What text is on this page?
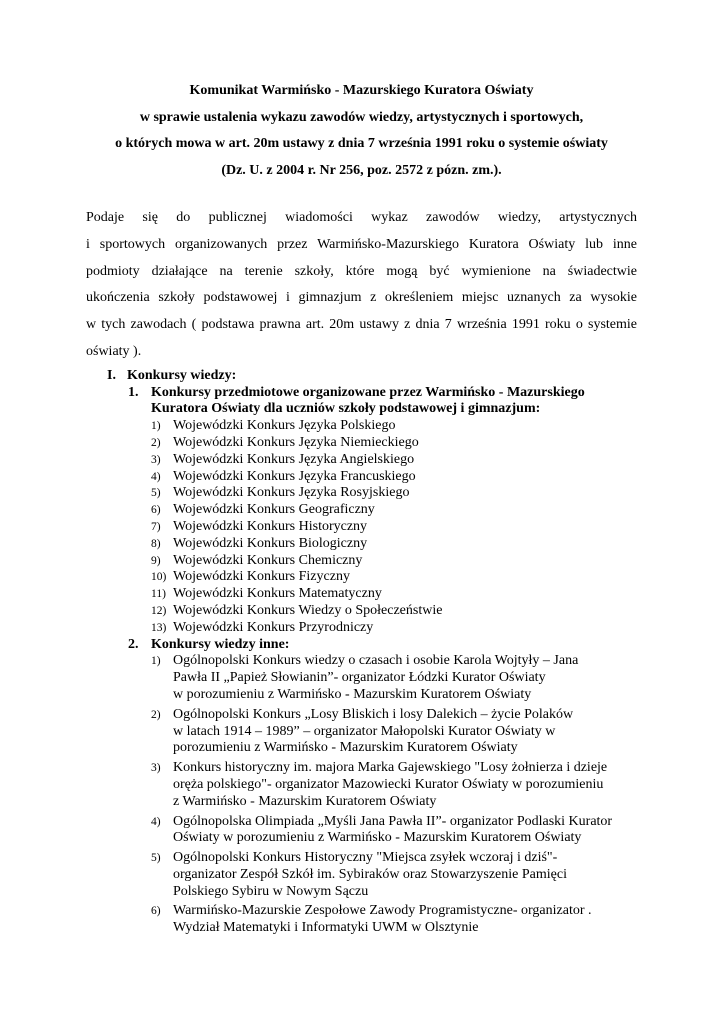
Komunikat Warmińsko - Mazurskiego Kuratora Oświaty
w sprawie ustalenia wykazu zawodów wiedzy, artystycznych i sportowych,
o których mowa w art. 20m ustawy z dnia 7 września 1991 roku o systemie oświaty
(Dz. U. z 2004 r. Nr 256, poz. 2572 z pózn. zm.).
Podaje się do publicznej wiadomości wykaz zawodów wiedzy, artystycznych
i sportowych organizowanych przez Warmińsko-Mazurskiego Kuratora Oświaty lub inne
podmioty działające na terenie szkoły, które mogą być wymienione na świadectwie
ukończenia szkoły podstawowej i gimnazjum z określeniem miejsc uznanych za wysokie
w tych zawodach ( podstawa prawna art. 20m ustawy z dnia 7 września 1991 roku o systemie
oświaty ).
I. Konkursy wiedzy:
1. Konkursy przedmiotowe organizowane przez Warmińsko - Mazurskiego
Kuratora Oświaty dla uczniów szkoły podstawowej i gimnazjum:
1) Wojewódzki Konkurs Języka Polskiego
2) Wojewódzki Konkurs Języka Niemieckiego
3) Wojewódzki Konkurs Języka Angielskiego
4) Wojewódzki Konkurs Języka Francuskiego
5) Wojewódzki Konkurs Języka Rosyjskiego
6) Wojewódzki Konkurs Geograficzny
7) Wojewódzki Konkurs Historyczny
8) Wojewódzki Konkurs Biologiczny
9) Wojewódzki Konkurs Chemiczny
10) Wojewódzki Konkurs Fizyczny
11) Wojewódzki Konkurs Matematyczny
12) Wojewódzki Konkurs Wiedzy o Społeczeństwie
13) Wojewódzki Konkurs Przyrodniczy
2. Konkursy wiedzy inne:
1) Ogólnopolski Konkurs wiedzy o czasach i osobie Karola Wojtyły – Jana
Pawła II „Papież Słowianin”- organizator Łódzki Kurator Oświaty
w porozumieniu z Warmińsko - Mazurskim Kuratorem Oświaty
2) Ogólnopolski Konkurs „Losy Bliskich i losy Dalekich – życie Polaków
w latach 1914 – 1989” – organizator Małopolski Kurator Oświaty w
porozumieniu z Warmińsko - Mazurskim Kuratorem Oświaty
3) Konkurs historyczny im. majora Marka Gajewskiego "Losy żołnierza i dzieje
oręża polskiego"- organizator Mazowiecki Kurator Oświaty w porozumieniu
z Warmińsko - Mazurskim Kuratorem Oświaty
4) Ogólnopolska Olimpiada „Myśli Jana Pawła II”- organizator Podlaski Kurator
Oświaty w porozumieniu z Warmińsko - Mazurskim Kuratorem Oświaty
5) Ogólnopolski Konkurs Historyczny "Miejsca zsyłek wczoraj i dziś"-
organizator Zespół Szkół im. Sybiraków oraz Stowarzyszenie Pamięci
Polskiego Sybiru w Nowym Sączu
6) Warmińsko-Mazurskie Zespołowe Zawody Programistyczne- organizator .
Wydział Matematyki i Informatyki UWM w Olsztynie
